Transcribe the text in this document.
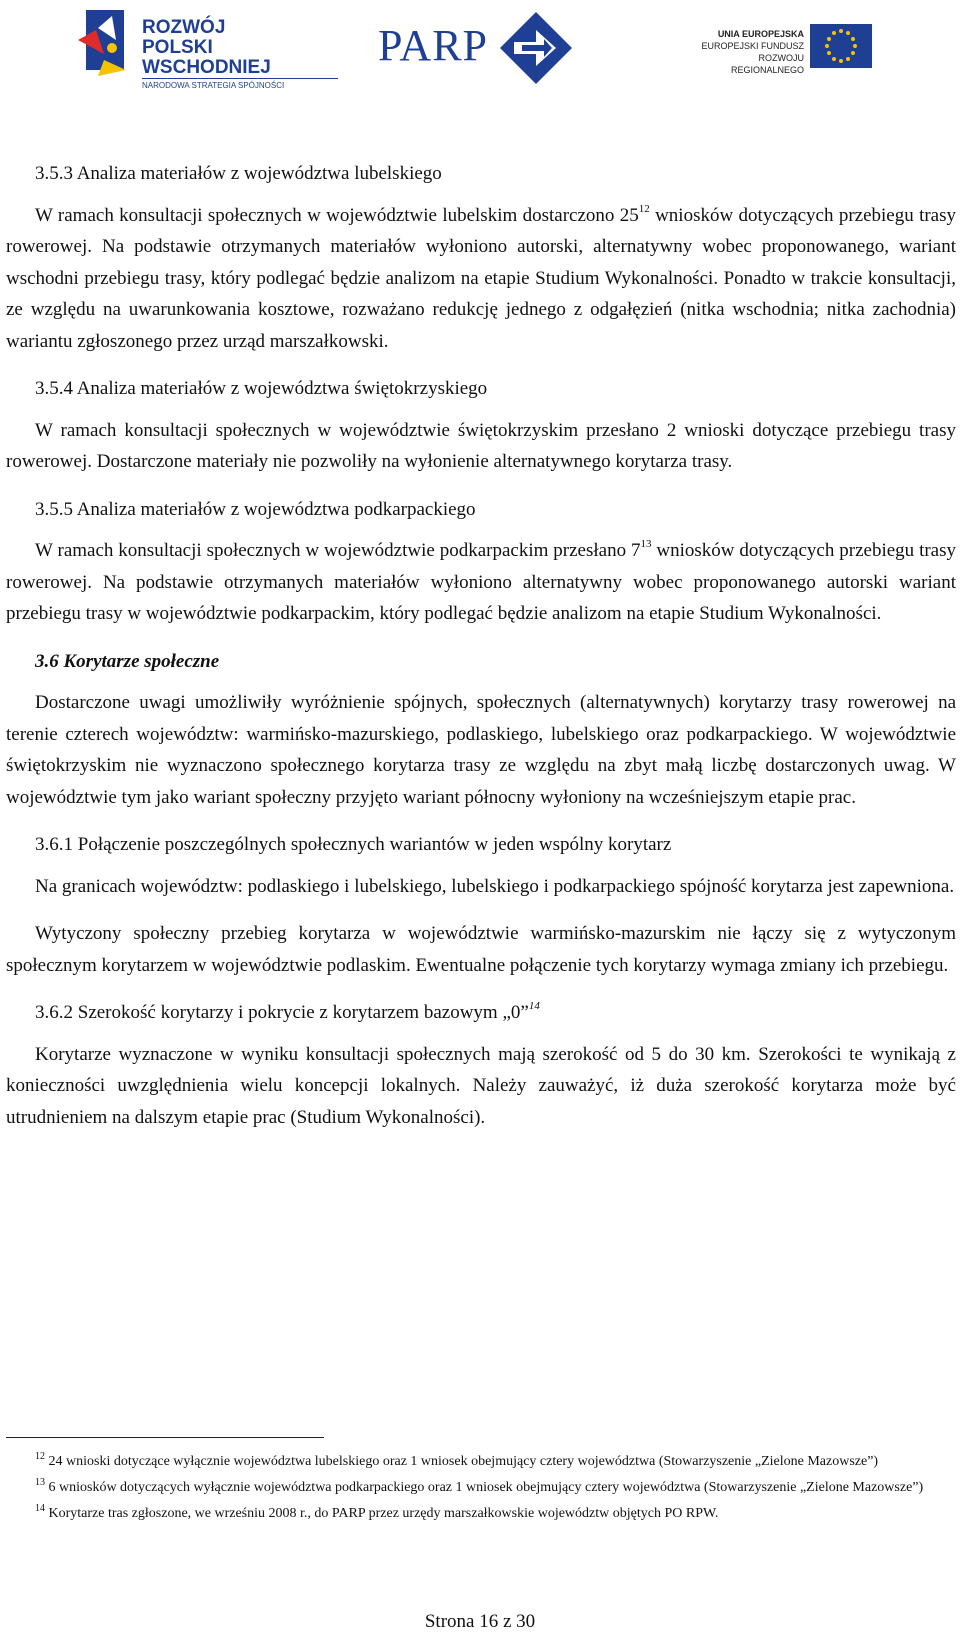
ROZWÓJ
POLSKI WSCHODNIEJ
NARODOWA STRATEGIA SPÓJNOŚCI
PARP	UNIA EUROPEJSKA
EUROPEJSKI FUNDUSZ
ROZWOJU REGIONALNEGO

3.5.3 Analiza materiałów z województwa lubelskiego

W ramach konsultacji społecznych w województwie lubelskim dostarczono $25^{12}$ wniosków dotyczących przebiegu trasy rowerowej. Na podstawie otrzymanych materiałów wyłoniono autorski, alternatywny wobec proponowanego, wariant wschodni przebiegu trasy, który podlegać będzie analizom na etapie Studium Wykonalności. Ponadto w trakcie konsultacji, ze względu na uwarunkowania kosztowe, rozważano redukcję jednego z odgałęzień (nitka wschodnia; nitka zachodnia) wariantu zgłoszonego przez urząd marszałkowski.

3.5.4 Analiza materiałów z województwa świętokrzyskiego

W ramach konsultacji społecznych w województwie świętokrzyskim przesłano 2 wnioski dotyczące przebiegu trasy rowerowej. Dostarczone materiały nie pozwoliły na wyłonienie alternatywnego korytarza trasy.

3.5.5 Analiza materiałów z województwa podkarpackiego

W ramach konsultacji społecznych w województwie podkarpackim przesłano $7^{13}$ wniosków dotyczących przebiegu trasy rowerowej. Na podstawie otrzymanych materiałów wyłoniono alternatywny wobec proponowanego autorski wariant przebiegu trasy w województwie podkarpackim, który podlegać będzie analizom na etapie Studium Wykonalności.

3.6 Korytarze społeczne

Dostarczone uwagi umożliwiły wyróżnienie spójnych, społecznych (alternatywnych) korytarzy trasy rowerowej na terenie czterech województw: warmińsko-mazurskiego, podlaskiego, lubelskiego oraz podkarpackiego. W województwie świętokrzyskim nie wyznaczono społecznego korytarza trasy ze względu na zbyt małą liczbę dostarczonych uwag. W województwie tym jako wariant społeczny przyjęto wariant północny wyłoniony na wcześniejszym etapie prac.

3.6.1 Połączenie poszczególnych społecznych wariantów w jeden wspólny korytarz

Na granicach województw: podlaskiego i lubelskiego, lubelskiego i podkarpackiego spójność korytarza jest zapewniona.

Wytyczony społeczny przebieg korytarza w województwie warmińsko-mazurskim nie łączy się z wytyczonym społecznym korytarzem w województwie podlaskim. Ewentualne połączenie tych korytarzy wymaga zmiany ich przebiegu.

3.6.2 Szerokość korytarzy i pokrycie z korytarzem bazowym „0”$^{14}$

Korytarze wyznaczone w wyniku konsultacji społecznych mają szerokość od 5 do 30 km. Szerokości te wynikają z konieczności uwzględnienia wielu koncepcji lokalnych. Należy zauważyć, iż duża szerokość korytarza może być utrudnieniem na dalszym etapie prac (Studium Wykonalności).

$^{12}$ 24 wnioski dotyczące wyłącznie województwa lubelskiego oraz 1 wniosek obejmujący cztery województwa (Stowarzyszenie „Zielone Mazowsze”)

$^{13}$ 6 wniosków dotyczących wyłącznie województwa podkarpackiego oraz 1 wniosek obejmujący cztery województwa (Stowarzyszenie „Zielone Mazowsze”)

$^{14}$ Korytarze tras zgłoszone, we wrześniu 2008 r., do PARP przez urzędy marszałkowskie województw objętych PO RPW.

Strona 16 z 30
